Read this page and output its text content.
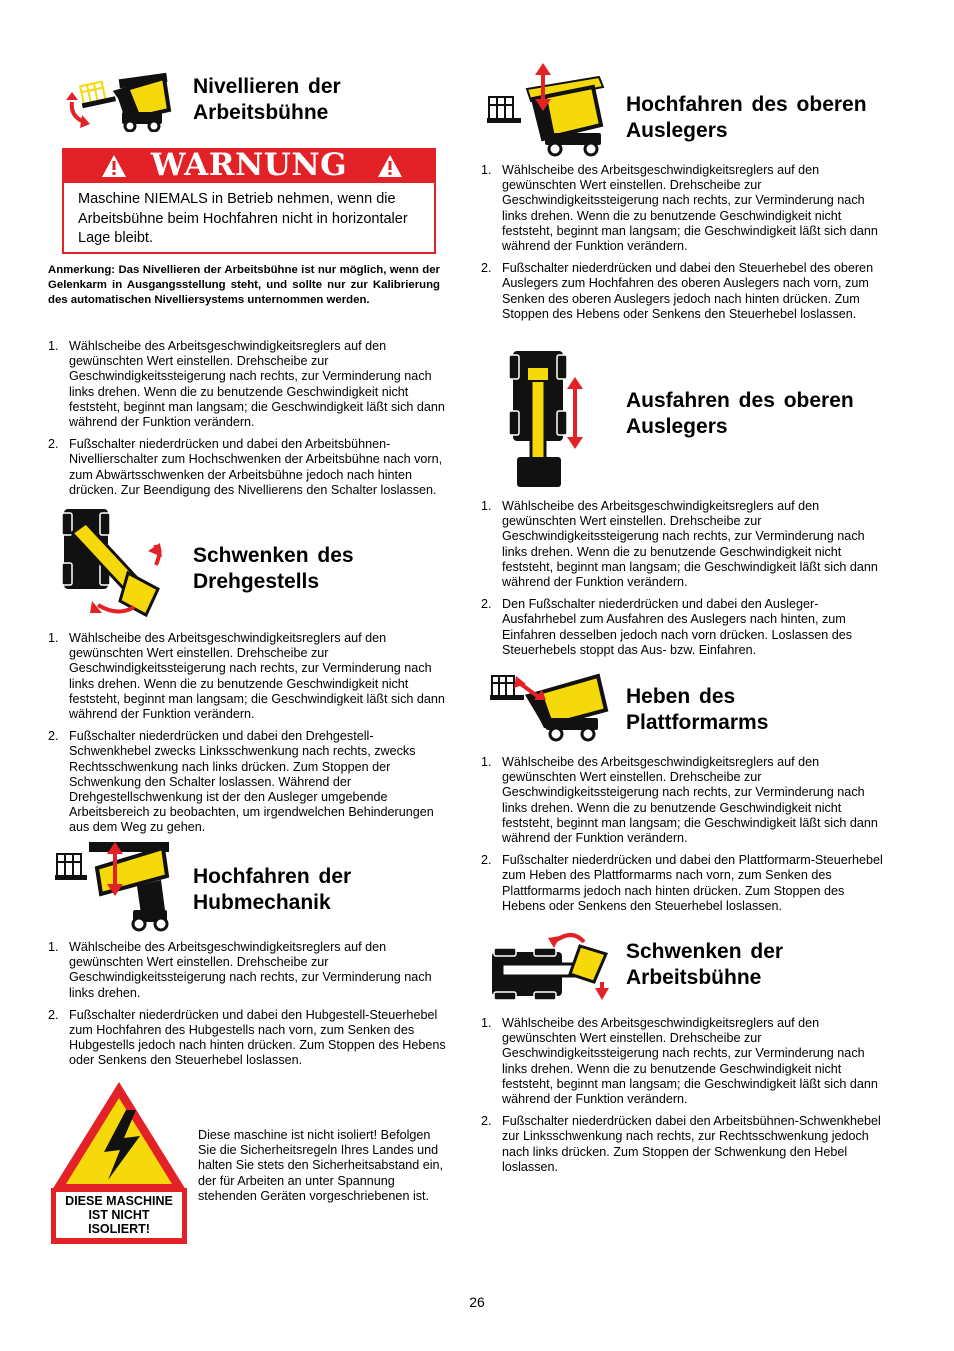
Nivellieren der Arbeitsbühne
WARNUNG
Maschine NIEMALS in Betrieb nehmen, wenn die Arbeitsbühne beim Hochfahren nicht in horizontaler Lage bleibt.
Anmerkung: Das Nivellieren der Arbeitsbühne ist nur möglich, wenn der Gelenkarm in Ausgangsstellung steht, und sollte nur zur Kalibrierung des automatischen Nivelliersystems unternommen werden.
1. Wählscheibe des Arbeitsgeschwindigkeitsreglers auf den gewünschten Wert einstellen. Drehscheibe zur Geschwindigkeitssteigerung nach rechts, zur Verminderung nach links drehen. Wenn die zu benutzende Geschwindigkeit nicht feststeht, beginnt man langsam; die Geschwindigkeit läßt sich dann während der Funktion verändern.
2. Fußschalter niederdrücken und dabei den Arbeitsbühnen-Nivellierschalter zum Hochschwenken der Arbeitsbühne nach vorn, zum Abwärtsschwenken der Arbeitsbühne jedoch nach hinten drücken. Zur Beendigung des Nivellierens den Schalter loslassen.
Schwenken des Drehgestells
1. Wählscheibe des Arbeitsgeschwindigkeitsreglers auf den gewünschten Wert einstellen. Drehscheibe zur Geschwindigkeitssteigerung nach rechts, zur Verminderung nach links drehen. Wenn die zu benutzende Geschwindigkeit nicht feststeht, beginnt man langsam; die Geschwindigkeit läßt sich dann während der Funktion verändern.
2. Fußschalter niederdrücken und dabei den Drehgestell-Schwenkhebel zwecks Linksschwenkung nach rechts, zwecks Rechtsschwenkung nach links drücken. Zum Stoppen der Schwenkung den Schalter loslassen. Während der Drehgestellschwenkung ist der den Ausleger umgebende Arbeitsbereich zu beobachten, um irgendwelchen Behinderungen aus dem Weg zu gehen.
Hochfahren der Hubmechanik
1. Wählscheibe des Arbeitsgeschwindigkeitsreglers auf den gewünschten Wert einstellen. Drehscheibe zur Geschwindigkeitssteigerung nach rechts, zur Verminderung nach links drehen.
2. Fußschalter niederdrücken und dabei den Hubgestell-Steuerhebel zum Hochfahren des Hubgestells nach vorn, zum Senken des Hubgestells jedoch nach hinten drücken. Zum Stoppen des Hebens oder Senkens den Steuerhebel loslassen.
DIESE MASCHINE IST NICHT ISOLIERT!
Diese maschine ist nicht isoliert! Befolgen Sie die Sicherheitsregeln Ihres Landes und halten Sie stets den Sicherheitsabstand ein, der für Arbeiten an unter Spannung stehenden Geräten vorgeschriebenen ist.
Hochfahren des oberen Auslegers
1. Wählscheibe des Arbeitsgeschwindigkeitsreglers auf den gewünschten Wert einstellen. Drehscheibe zur Geschwindigkeitssteigerung nach rechts, zur Verminderung nach links drehen. Wenn die zu benutzende Geschwindigkeit nicht feststeht, beginnt man langsam; die Geschwindigkeit läßt sich dann während der Funktion verändern.
2. Fußschalter niederdrücken und dabei den Steuerhebel des oberen Auslegers zum Hochfahren des oberen Auslegers nach vorn, zum Senken des oberen Auslegers jedoch nach hinten drücken. Zum Stoppen des Hebens oder Senkens den Steuerhebel loslassen.
Ausfahren des oberen Auslegers
1. Wählscheibe des Arbeitsgeschwindigkeitsreglers auf den gewünschten Wert einstellen. Drehscheibe zur Geschwindigkeitssteigerung nach rechts, zur Verminderung nach links drehen. Wenn die zu benutzende Geschwindigkeit nicht feststeht, beginnt man langsam; die Geschwindigkeit läßt sich dann während der Funktion verändern.
2. Den Fußschalter niederdrücken und dabei den Ausleger-Ausfahrhebel zum Ausfahren des Auslegers nach hinten, zum Einfahren desselben jedoch nach vorn drücken. Loslassen des Steuerhebels stoppt das Aus- bzw. Einfahren.
Heben des Plattformarms
1. Wählscheibe des Arbeitsgeschwindigkeitsreglers auf den gewünschten Wert einstellen. Drehscheibe zur Geschwindigkeitssteigerung nach rechts, zur Verminderung nach links drehen. Wenn die zu benutzende Geschwindigkeit nicht feststeht, beginnt man langsam; die Geschwindigkeit läßt sich dann während der Funktion verändern.
2. Fußschalter niederdrücken und dabei den Plattformarm-Steuerhebel zum Heben des Plattformarms nach vorn, zum Senken des Plattformarms jedoch nach hinten drücken. Zum Stoppen des Hebens oder Senkens den Steuerhebel loslassen.
Schwenken der Arbeitsbühne
1. Wählscheibe des Arbeitsgeschwindigkeitsreglers auf den gewünschten Wert einstellen. Drehscheibe zur Geschwindigkeitssteigerung nach rechts, zur Verminderung nach links drehen. Wenn die zu benutzende Geschwindigkeit nicht feststeht, beginnt man langsam; die Geschwindigkeit läßt sich dann während der Funktion verändern.
2. Fußschalter niederdrücken dabei den Arbeitsbühnen-Schwenkhebel zur Linksschwenkung nach rechts, zur Rechtsschwenkung jedoch nach links drücken. Zum Stoppen der Schwenkung den Hebel loslassen.
26
